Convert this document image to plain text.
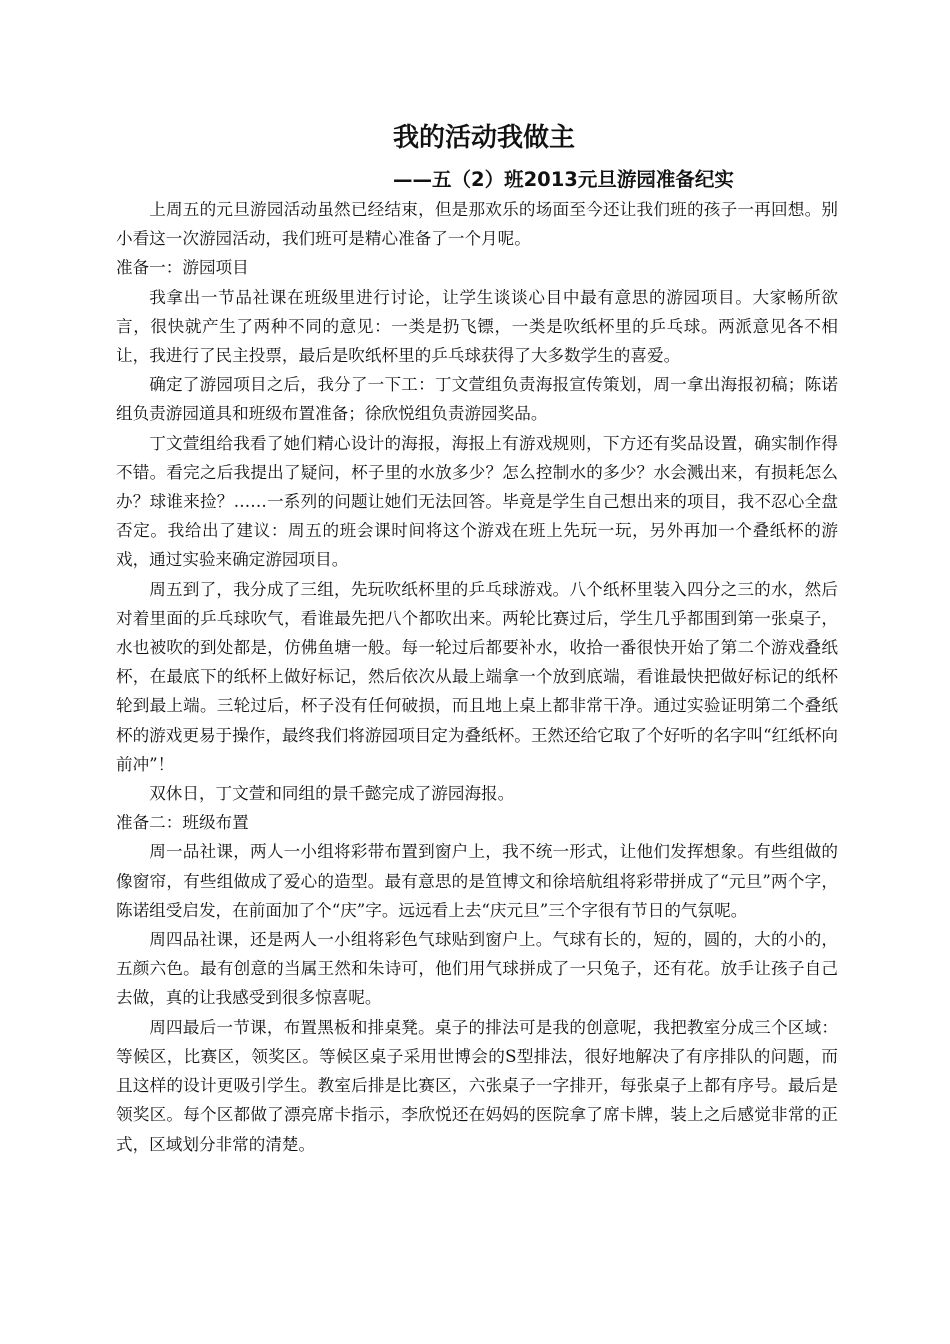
我的活动我做主
——五（2）班2013元旦游园准备纪实

上周五的元旦游园活动虽然已经结束，但是那欢乐的场面至今还让我们班的孩子一再回想。别小看这一次游园活动，我们班可是精心准备了一个月呢。

准备一：游园项目

我拿出一节品社课在班级里进行讨论，让学生谈谈心目中最有意思的游园项目。大家畅所欲言，很快就产生了两种不同的意见：一类是扔飞镖，一类是吹纸杯里的乒乓球。两派意见各不相让，我进行了民主投票，最后是吹纸杯里的乒乓球获得了大多数学生的喜爱。

确定了游园项目之后，我分了一下工：丁文萱组负责海报宣传策划，周一拿出海报初稿；陈诺组负责游园道具和班级布置准备；徐欣悦组负责游园奖品。

丁文萱组给我看了她们精心设计的海报，海报上有游戏规则，下方还有奖品设置，确实制作得不错。看完之后我提出了疑问，杯子里的水放多少？怎么控制水的多少？水会溅出来，有损耗怎么办？球谁来捡？……一系列的问题让她们无法回答。毕竟是学生自己想出来的项目，我不忍心全盘否定。我给出了建议：周五的班会课时间将这个游戏在班上先玩一玩，另外再加一个叠纸杯的游戏，通过实验来确定游园项目。

周五到了，我分成了三组，先玩吹纸杯里的乒乓球游戏。八个纸杯里装入四分之三的水，然后对着里面的乒乓球吹气，看谁最先把八个都吹出来。两轮比赛过后，学生几乎都围到第一张桌子，水也被吹的到处都是，仿佛鱼塘一般。每一轮过后都要补水，收拾一番很快开始了第二个游戏叠纸杯，在最底下的纸杯上做好标记，然后依次从最上端拿一个放到底端，看谁最快把做好标记的纸杯轮到最上端。三轮过后，杯子没有任何破损，而且地上桌上都非常干净。通过实验证明第二个叠纸杯的游戏更易于操作，最终我们将游园项目定为叠纸杯。王然还给它取了个好听的名字叫“红纸杯向前冲”！

双休日，丁文萱和同组的景千懿完成了游园海报。

准备二：班级布置

周一品社课，两人一小组将彩带布置到窗户上，我不统一形式，让他们发挥想象。有些组做的像窗帘，有些组做成了爱心的造型。最有意思的是笪博文和徐培航组将彩带拼成了“元旦”两个字，陈诺组受启发，在前面加了个“庆”字。远远看上去“庆元旦”三个字很有节日的气氛呢。

周四品社课，还是两人一小组将彩色气球贴到窗户上。气球有长的，短的，圆的，大的小的，五颜六色。最有创意的当属王然和朱诗可，他们用气球拼成了一只兔子，还有花。放手让孩子自己去做，真的让我感受到很多惊喜呢。

周四最后一节课，布置黑板和排桌凳。桌子的排法可是我的创意呢，我把教室分成三个区域：等候区，比赛区，领奖区。等候区桌子采用世博会的S型排法，很好地解决了有序排队的问题，而且这样的设计更吸引学生。教室后排是比赛区，六张桌子一字排开，每张桌子上都有序号。最后是领奖区。每个区都做了漂亮席卡指示，李欣悦还在妈妈的医院拿了席卡牌，装上之后感觉非常的正式，区域划分非常的清楚。
